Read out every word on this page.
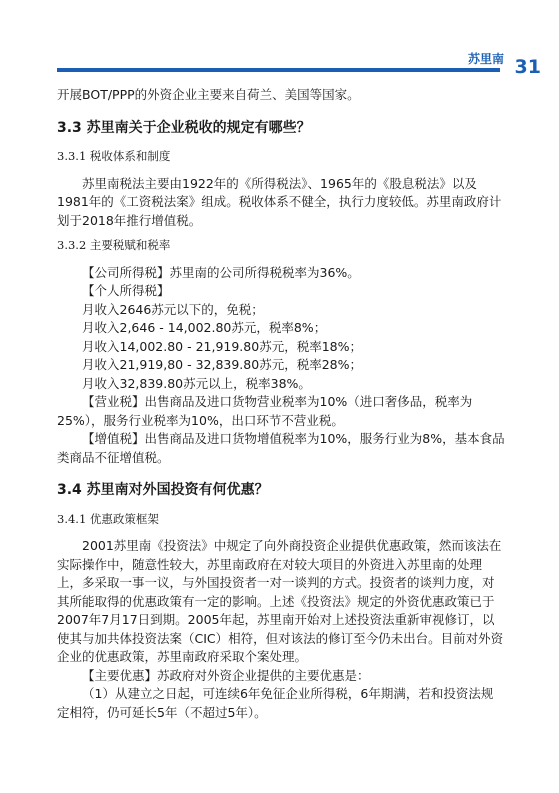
苏里南 31

开展BOT/PPP的外资企业主要来自荷兰、美国等国家。

3.3 苏里南关于企业税收的规定有哪些？
3.3.1 税收体系和制度

苏里南税法主要由1922年的《所得税法》、1965年的《股息税法》以及1981年的《工资税法案》组成。税收体系不健全，执行力度较低。苏里南政府计划于2018年推行增值税。

3.3.2 主要税赋和税率

【公司所得税】苏里南的公司所得税税率为36%。

【个人所得税】

月收入2646苏元以下的，免税；

月收入2,646 - 14,002.80苏元，税率8%；

月收入14,002.80 - 21,919.80苏元，税率18%；

月收入21,919,80 - 32,839.80苏元，税率28%；

月收入32,839.80苏元以上，税率38%。

【营业税】出售商品及进口货物营业税率为10%（进口奢侈品，税率为25%），服务行业税率为10%，出口环节不营业税。

【增值税】出售商品及进口货物增值税率为10%，服务行业为8%，基本食品类商品不征增值税。

3.4 苏里南对外国投资有何优惠？
3.4.1 优惠政策框架

2001苏里南《投资法》中规定了向外商投资企业提供优惠政策，然而该法在实际操作中，随意性较大，苏里南政府在对较大项目的外资进入苏里南的处理上，多采取一事一议，与外国投资者一对一谈判的方式。投资者的谈判力度，对其所能取得的优惠政策有一定的影响。上述《投资法》规定的外资优惠政策已于2007年7月17日到期。2005年起，苏里南开始对上述投资法重新审视修订，以使其与加共体投资法案（CIC）相符，但对该法的修订至今仍未出台。目前对外资企业的优惠政策，苏里南政府采取个案处理。

【主要优惠】苏政府对外资企业提供的主要优惠是：

（1）从建立之日起，可连续6年免征企业所得税，6年期满，若和投资法规定相符，仍可延长5年（不超过5年）。
